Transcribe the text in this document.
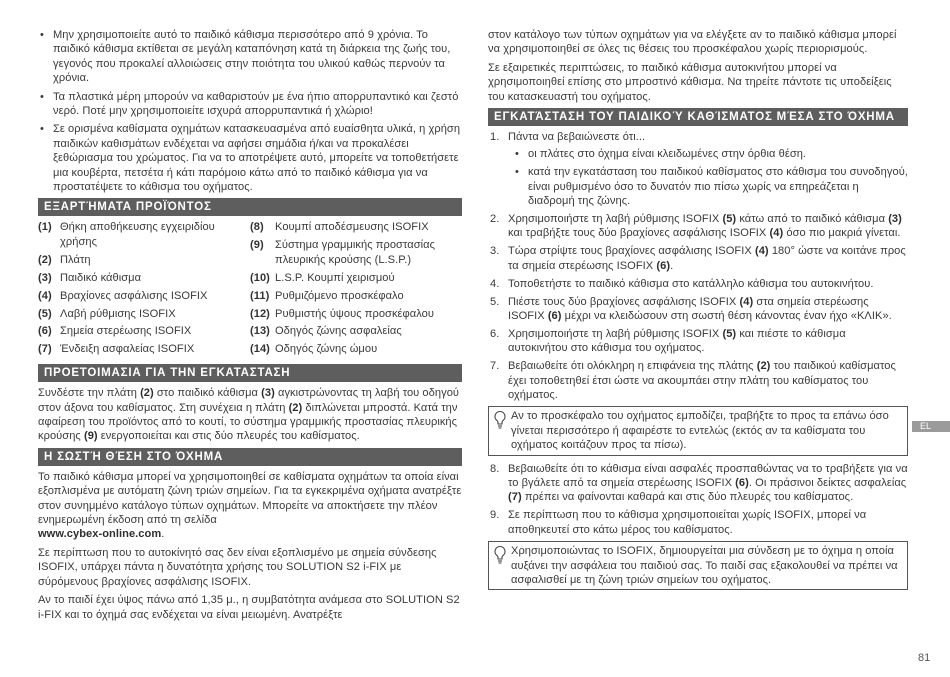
• Μην χρησιμοποιείτε αυτό το παιδικό κάθισμα περισσότερο από 9 χρόνια. Το παιδικό κάθισμα εκτίθεται σε μεγάλη καταπόνηση κατά τη διάρκεια της ζωής του, γεγονός που προκαλεί αλλοιώσεις στην ποιότητα του υλικού καθώς περνούν τα χρόνια.
• Τα πλαστικά μέρη μπορούν να καθαριστούν με ένα ήπιο απορρυπαντικό και ζεστό νερό. Ποτέ μην χρησιμοποιείτε ισχυρά απορρυπαντικά ή χλώριο!
• Σε ορισμένα καθίσματα οχημάτων κατασκευασμένα από ευαίσθητα υλικά, η χρήση παιδικών καθισμάτων ενδέχεται να αφήσει σημάδια ή/και να προκαλέσει ξεθώριασμα του χρώματος. Για να το αποτρέψετε αυτό, μπορείτε να τοποθετήσετε μια κουβέρτα, πετσέτα ή κάτι παρόμοιο κάτω από το παιδικό κάθισμα για να προστατέψετε το κάθισμα του οχήματος.
ΕΞΑΡΤΉΜΑΤΑ ΠΡΟΪΌΝΤΟΣ
(1) Θήκη αποθήκευσης εγχειριδίου χρήσης
(2) Πλάτη
(3) Παιδικό κάθισμα
(4) Βραχίονες ασφάλισης ISOFIX
(5) Λαβή ρύθμισης ISOFIX
(6) Σημεία στερέωσης ISOFIX
(7) Ένδειξη ασφαλείας ISOFIX
(8)	Κουμπί αποδέσμευσης ISOFIX
(9)	Σύστημα γραμμικής προστασίας πλευρικής κρούσης (L.S.P.)
(10) L.S.P. Κουμπί χειρισμού
(11) Ρυθμιζόμενο προσκέφαλο
(12) Ρυθμιστής ύψους προσκέφαλου
(13) Οδηγός ζώνης ασφαλείας
(14) Οδηγός ζώνης ώμου
ΠΡΟΕΤΟΙΜΑΣΙΑ ΓΙΑ ΤΗΝ ΕΓΚΑΤΑΣΤΑΣΗ

Συνδέστε την πλάτη (2) στο παιδικό κάθισμα (3) αγκιστρώνοντας τη λαβή του οδηγού στον άξονα του καθίσματος. Στη συνέχεια η πλάτη (2) διπλώνεται μπροστά. Κατά την αφαίρεση του προϊόντος από το κουτί, το σύστημα γραμμικής προστασίας πλευρικής κρούσης (9) ενεργοποιείται και στις δύο πλευρές του καθίσματος.

Η ΣΩΣΤΉ ΘΈΣΗ ΣΤΟ ΌΧΗΜΑ

Το παιδικό κάθισμα μπορεί να χρησιμοποιηθεί σε καθίσματα οχημάτων τα οποία είναι εξοπλισμένα με αυτόματη ζώνη τριών σημείων. Για τα εγκεκριμένα οχήματα ανατρέξτε στον συνημμένο κατάλογο τύπων οχημάτων. Μπορείτε να αποκτήσετε την πλέον ενημερωμένη έκδοση από τη σελίδα
www.cybex-online.com.

Σε περίπτωση που το αυτοκίνητό σας δεν είναι εξοπλισμένο με σημεία σύνδεσης ISOFIX, υπάρχει πάντα η δυνατότητα χρήσης του SOLUTION S2 i-FIX με σύρόμενους βραχίονες ασφάλισης ISOFIX.

Αν το παιδί έχει ύψος πάνω από 1,35 μ., η συμβατότητα ανάμεσα στο SOLUTION S2 i-FIX και το όχημά σας ενδέχεται να είναι μειωμένη. Ανατρέξτε

στον κατάλογο των τύπων οχημάτων για να ελέγξετε αν το παιδικό κάθισμα μπορεί να χρησιμοποιηθεί σε όλες τις θέσεις του προσκέφαλου χωρίς περιορισμούς.

Σε εξαιρετικές περιπτώσεις, το παιδικό κάθισμα αυτοκινήτου μπορεί να χρησιμοποιηθεί επίσης στο μπροστινό κάθισμα. Να τηρείτε πάντοτε τις υποδείξεις του κατασκευαστή του οχήματος.

ΕΓΚΑΤΆΣΤΑΣΗ ΤΟΥ ΠΑΙΔΙΚΟΎ ΚΑΘΊΣΜΑΤΟΣ ΜΈΣΑ ΣΤΟ ΌΧΗΜΑ
1. Πάντα να βεβαιώνεστε ότι...
• οι πλάτες στο όχημα είναι κλειδωμένες στην όρθια θέση.
• κατά την εγκατάσταση του παιδικού καθίσματος στο κάθισμα του συνοδηγού, είναι ρυθμισμένο όσο το δυνατόν πιο πίσω χωρίς να επηρεάζεται η διαδρομή της ζώνης.
2. Χρησιμοποιήστε τη λαβή ρύθμισης ISOFIX (5) κάτω από το παιδικό κάθισμα (3) και τραβήξτε τους δύο βραχίονες ασφάλισης ISOFIX (4) όσο πιο μακριά γίνεται.
3. Τώρα στρίψτε τους βραχίονες ασφάλισης ISOFIX (4) 180° ώστε να κοιτάνε προς τα σημεία στερέωσης ISOFIX (6).
4. Τοποθετήστε το παιδικό κάθισμα στο κατάλληλο κάθισμα του αυτοκινήτου.
5. Πιέστε τους δύο βραχίονες ασφάλισης ISOFIX (4) στα σημεία στερέωσης ISOFIX (6) μέχρι να κλειδώσουν στη σωστή θέση κάνοντας έναν ήχο «ΚΛΙΚ».
6. Χρησιμοποιήστε τη λαβή ρύθμισης ISOFIX (5) και πιέστε το κάθισμα αυτοκινήτου στο κάθισμα του οχήματος.
7. Βεβαιωθείτε ότι ολόκληρη η επιφάνεια της πλάτης (2) του παιδικού καθίσματος έχει τοποθετηθεί έτσι ώστε να ακουμπάει στην πλάτη του καθίσματος του οχήματος.
Αν το προσκέφαλο του οχήματος εμποδίζει, τραβήξτε το προς τα επάνω όσο γίνεται περισσότερο ή αφαιρέστε το εντελώς (εκτός αν τα καθίσματα του οχήματος κοιτάζουν προς τα πίσω).
8. Βεβαιωθείτε ότι το κάθισμα είναι ασφαλές προσπαθώντας να το τραβήξετε για να το βγάλετε από τα σημεία στερέωσης ISOFIX (6). Οι πράσινοι δείκτες ασφαλείας (7) πρέπει να φαίνονται καθαρά και στις δύο πλευρές του καθίσματος.
9. Σε περίπτωση που το κάθισμα χρησιμοποιείται χωρίς ISOFIX, μπορεί να αποθηκευτεί στο κάτω μέρος του καθίσματος.
Χρησιμοποιώντας το ISOFIX, δημιουργείται μια σύνδεση με το όχημα η οποία αυξάνει την ασφάλεια του παιδιού σας. Το παιδί σας εξακολουθεί να πρέπει να ασφαλισθεί με τη ζώνη τριών σημείων του οχήματος.
EL
81
